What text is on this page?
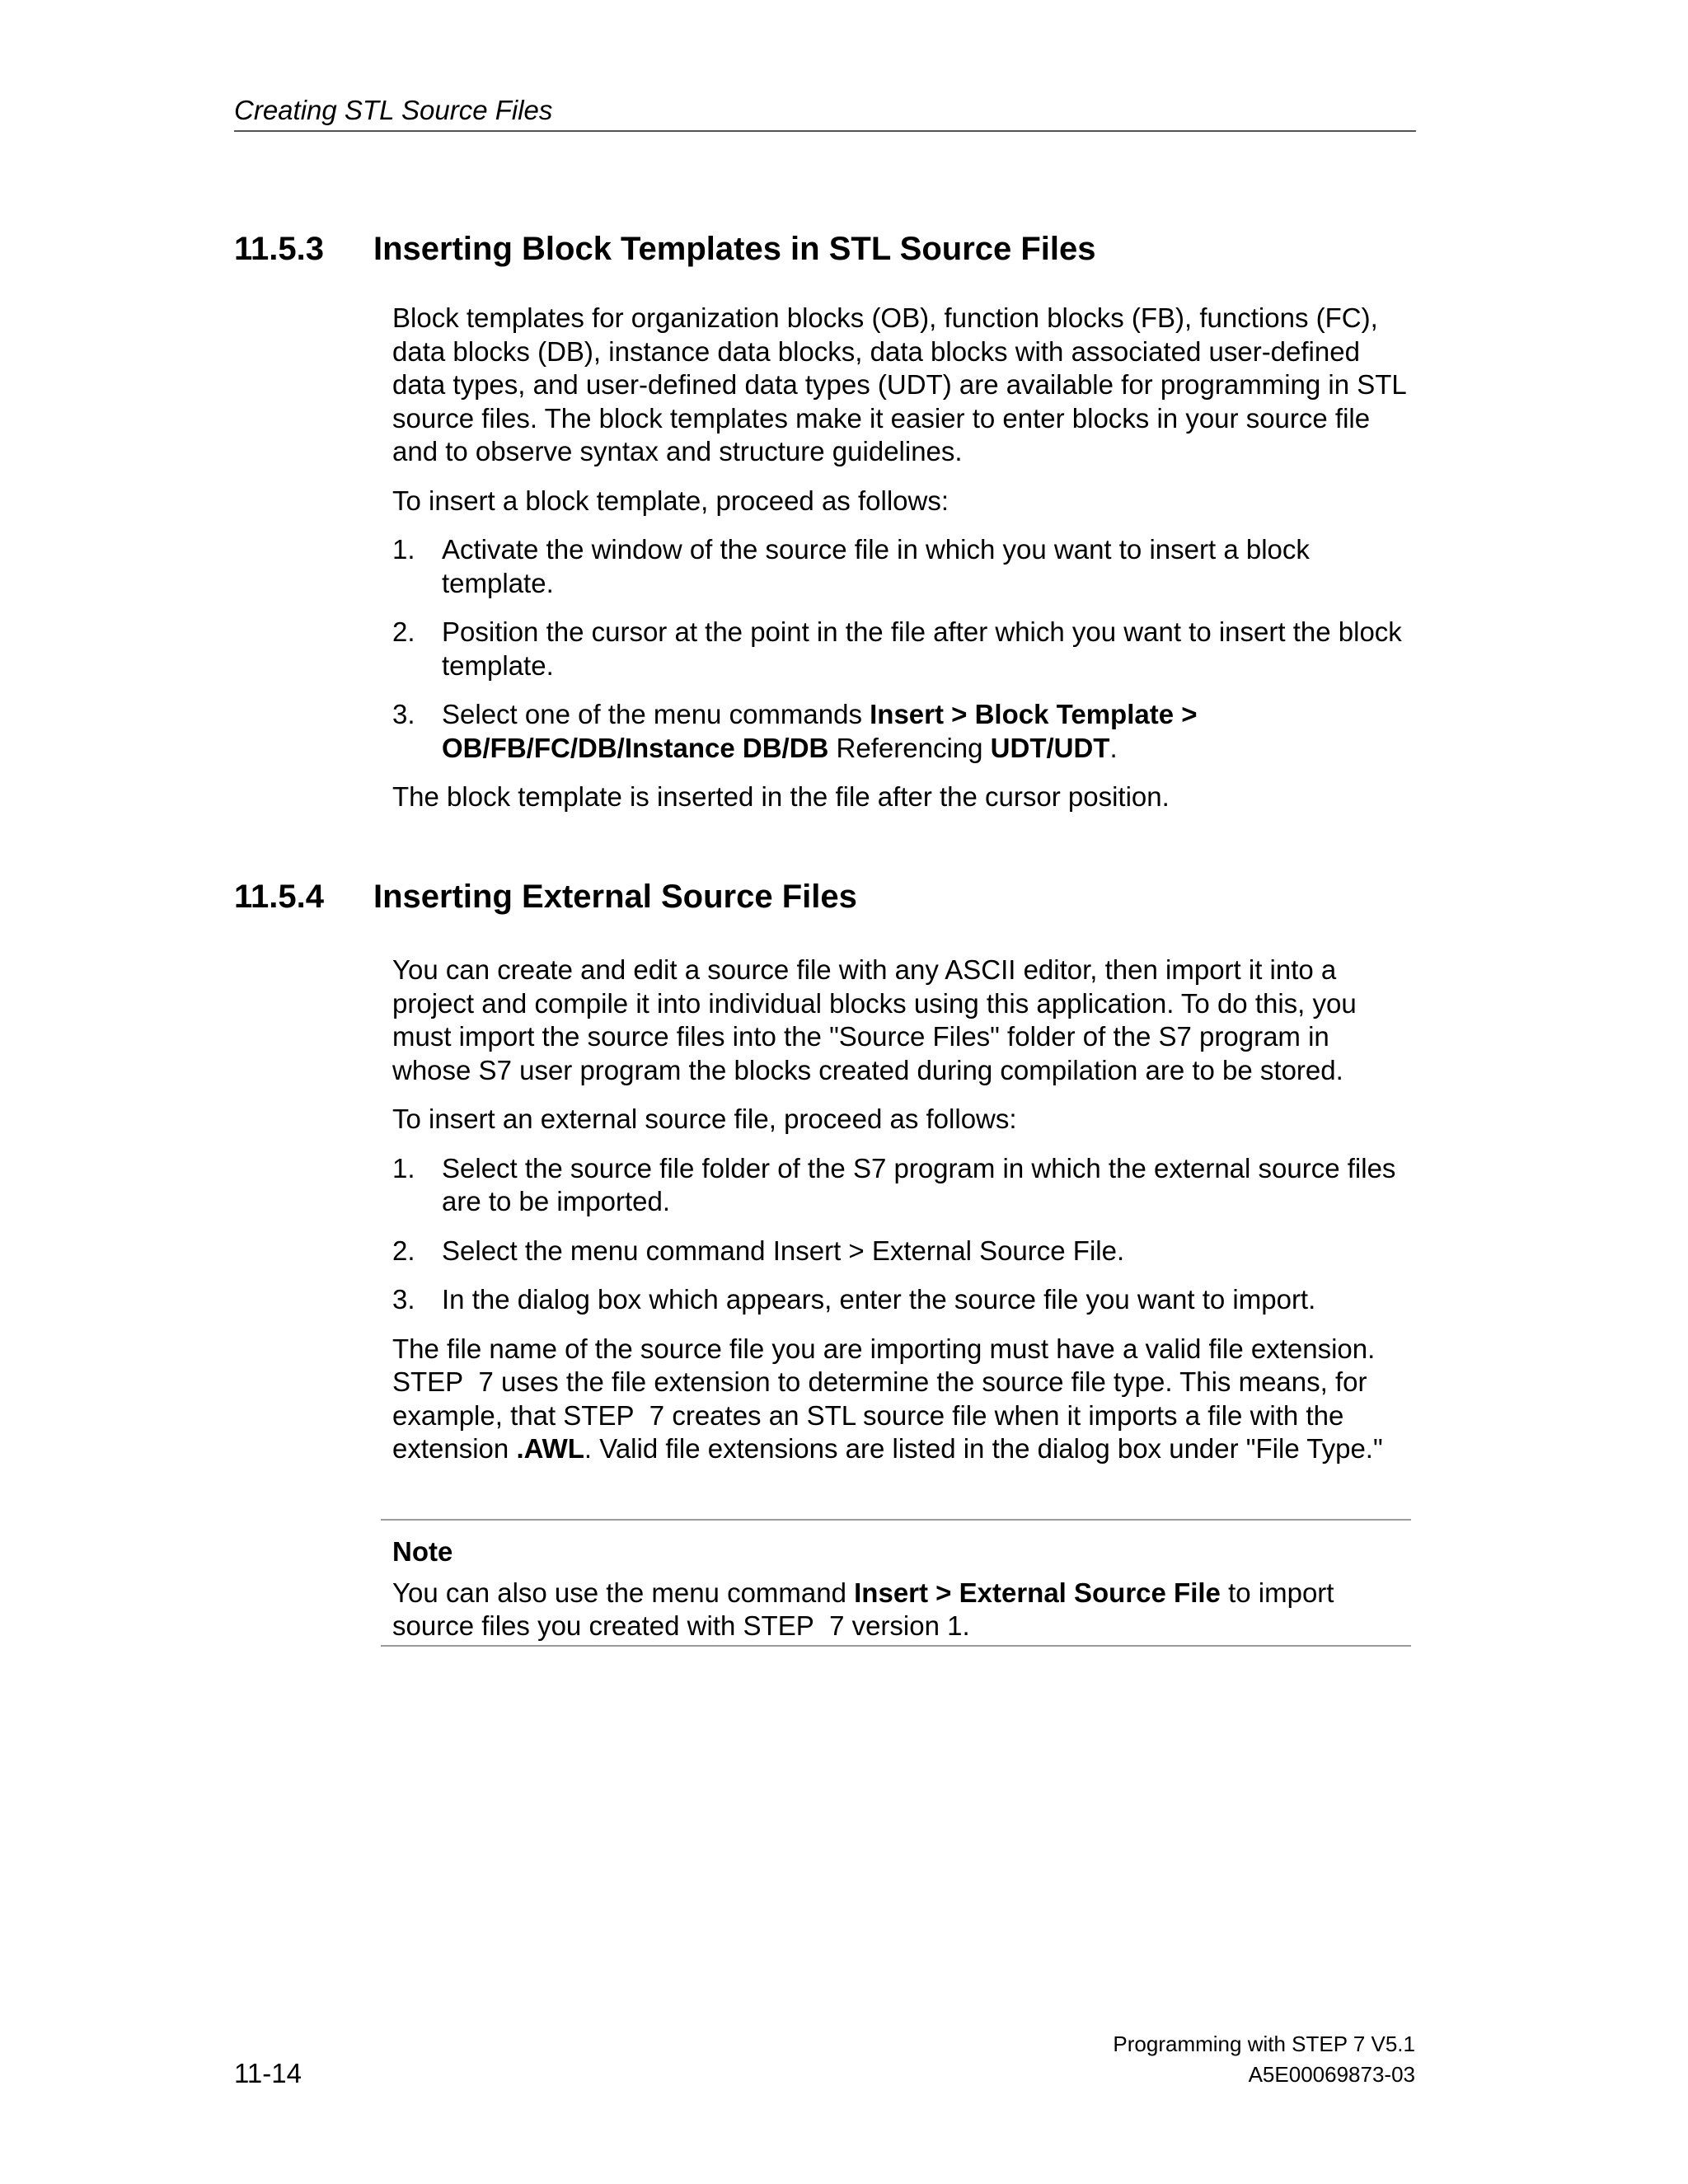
Creating STL Source Files
11.5.3 Inserting Block Templates in STL Source Files

Block templates for organization blocks (OB), function blocks (FB), functions (FC), data blocks (DB), instance data blocks, data blocks with associated user-defined data types, and user-defined data types (UDT) are available for programming in STL source files. The block templates make it easier to enter blocks in your source file and to observe syntax and structure guidelines.

To insert a block template, proceed as follows:

1. Activate the window of the source file in which you want to insert a block template.
2. Position the cursor at the point in the file after which you want to insert the block template.
3. Select one of the menu commands Insert > Block Template > OB/FB/FC/DB/Instance DB/DB Referencing UDT/UDT.

The block template is inserted in the file after the cursor position.

11.5.4 Inserting External Source Files

You can create and edit a source file with any ASCII editor, then import it into a project and compile it into individual blocks using this application. To do this, you must import the source files into the "Source Files" folder of the S7 program in whose S7 user program the blocks created during compilation are to be stored.

To insert an external source file, proceed as follows:

1. Select the source file folder of the S7 program in which the external source files are to be imported.
2. Select the menu command Insert > External Source File.
3. In the dialog box which appears, enter the source file you want to import.

The file name of the source file you are importing must have a valid file extension. STEP  7 uses the file extension to determine the source file type. This means, for example, that STEP  7 creates an STL source file when it imports a file with the extension .AWL. Valid file extensions are listed in the dialog box under "File Type."

Note
You can also use the menu command Insert > External Source File to import source files you created with STEP  7 version 1.
Programming with STEP 7 V5.1
A5E00069873-03
11-14
